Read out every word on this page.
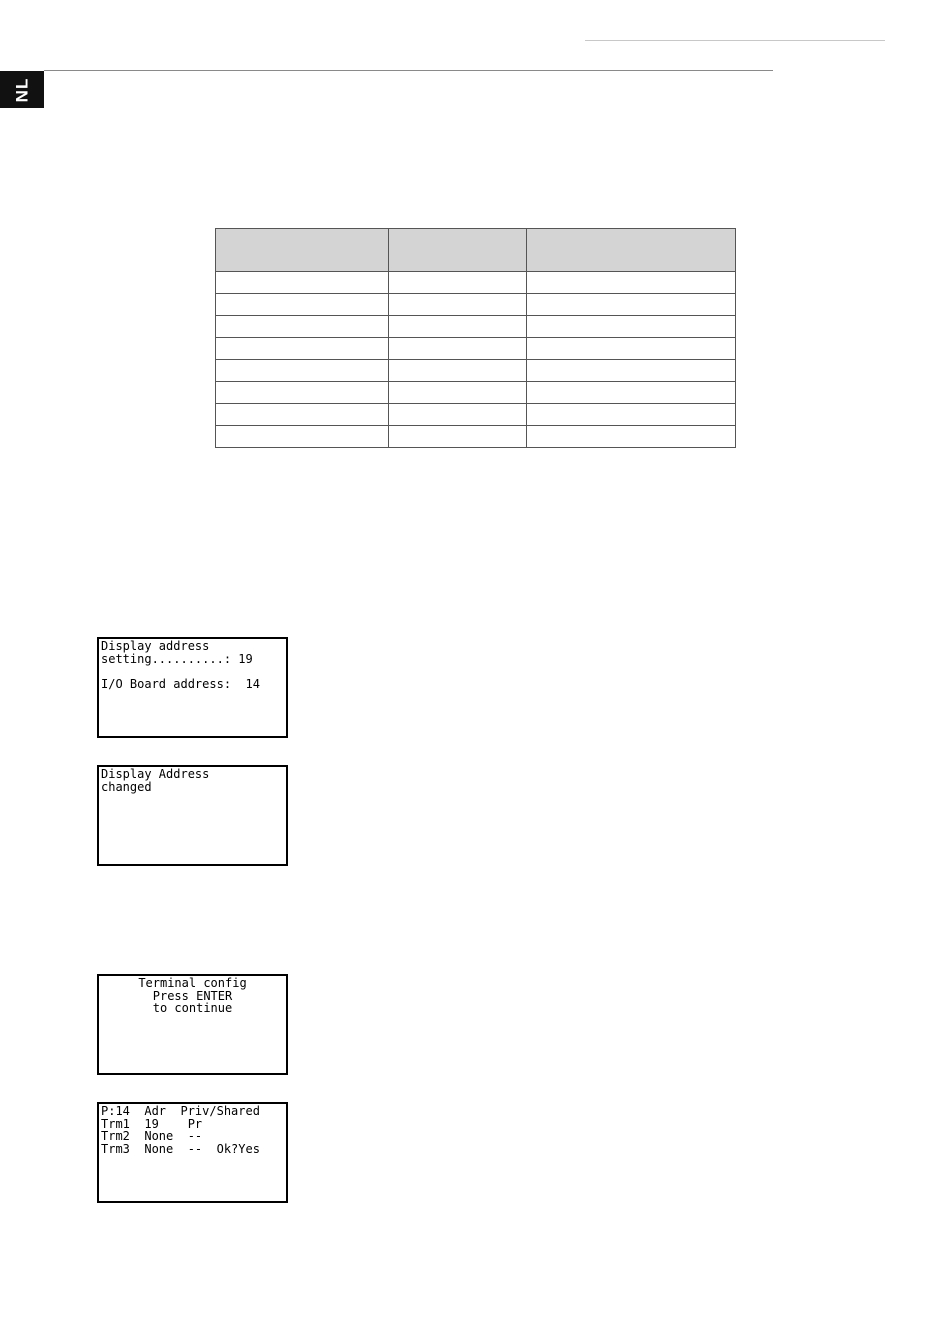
NL

Display address
setting..........: 19
I/O Board address:  14
Display Address
changed
Terminal config
Press ENTER
to continue
P:14  Adr  Priv/Shared
Trm1  19    Pr
Trm2  None  --
Trm3  None  --  Ok?Yes
